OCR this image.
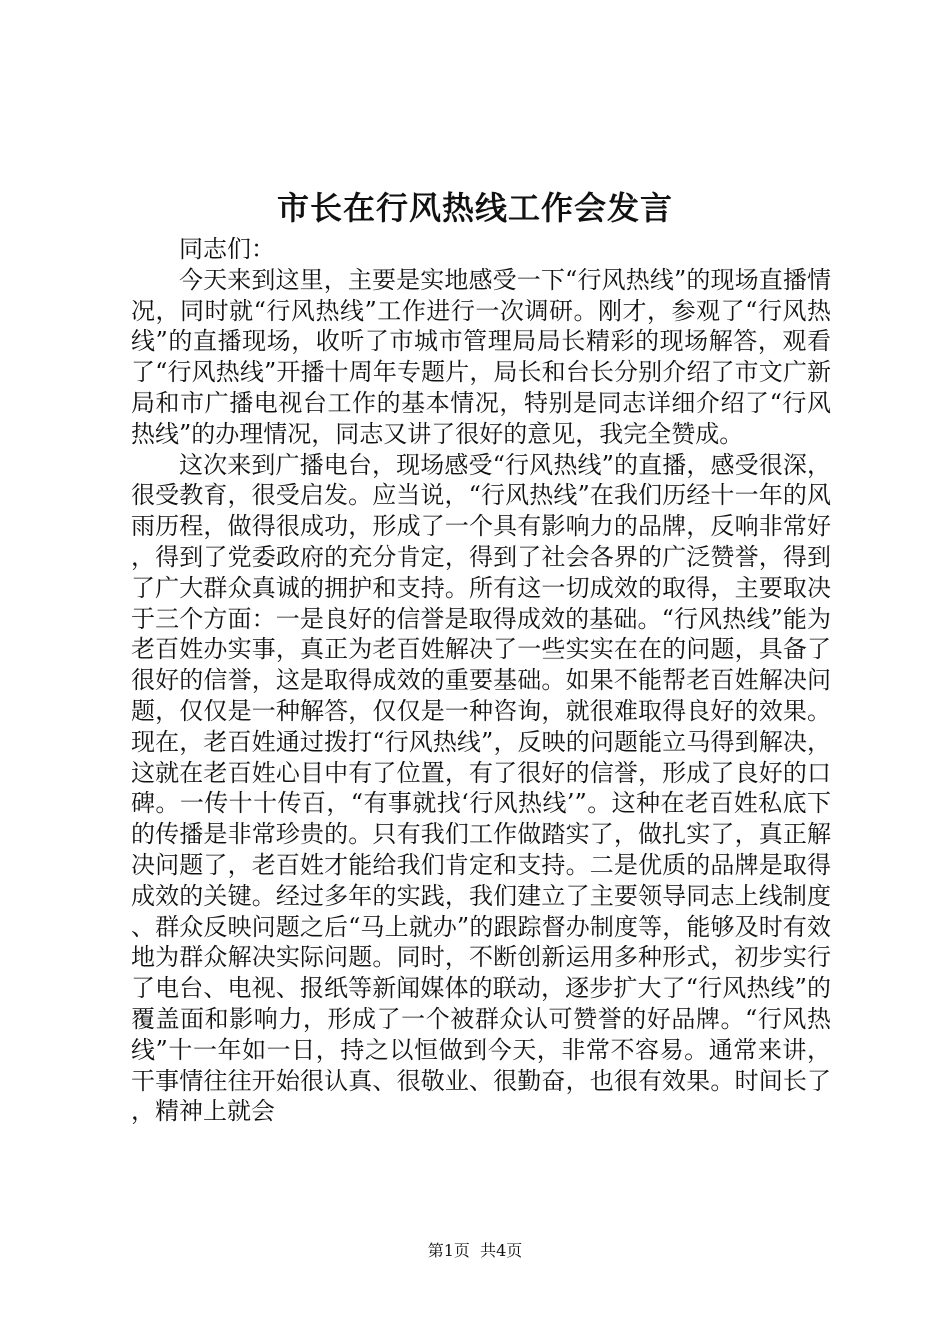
市长在行风热线工作会发言

同志们：

今天来到这里，主要是实地感受一下“行风热线”的现场直播情况，同时就“行风热线”工作进行一次调研。刚才，参观了“行风热线”的直播现场，收听了市城市管理局局长精彩的现场解答，观看了“行风热线”开播十周年专题片，局长和台长分别介绍了市文广新局和市广播电视台工作的基本情况，特别是同志详细介绍了“行风热线”的办理情况，同志又讲了很好的意见，我完全赞成。

这次来到广播电台，现场感受“行风热线”的直播，感受很深，很受教育，很受启发。应当说，“行风热线”在我们历经十一年的风雨历程，做得很成功，形成了一个具有影响力的品牌，反响非常好，得到了党委政府的充分肯定，得到了社会各界的广泛赞誉，得到了广大群众真诚的拥护和支持。所有这一切成效的取得，主要取决于三个方面：一是良好的信誉是取得成效的基础。“行风热线”能为老百姓办实事，真正为老百姓解决了一些实实在在的问题，具备了很好的信誉，这是取得成效的重要基础。如果不能帮老百姓解决问题，仅仅是一种解答，仅仅是一种咨询，就很难取得良好的效果。现在，老百姓通过拨打“行风热线”，反映的问题能立马得到解决，这就在老百姓心目中有了位置，有了很好的信誉，形成了良好的口碑。一传十十传百，“有事就找‘行风热线’”。这种在老百姓私底下的传播是非常珍贵的。只有我们工作做踏实了，做扎实了，真正解决问题了，老百姓才能给我们肯定和支持。二是优质的品牌是取得成效的关键。经过多年的实践，我们建立了主要领导同志上线制度、群众反映问题之后“马上就办”的跟踪督办制度等，能够及时有效地为群众解决实际问题。同时，不断创新运用多种形式，初步实行了电台、电视、报纸等新闻媒体的联动，逐步扩大了“行风热线”的覆盖面和影响力，形成了一个被群众认可赞誉的好品牌。“行风热线”十一年如一日，持之以恒做到今天，非常不容易。通常来讲，干事情往往开始很认真、很敬业、很勤奋，也很有效果。时间长了，精神上就会

第1页 共4页
